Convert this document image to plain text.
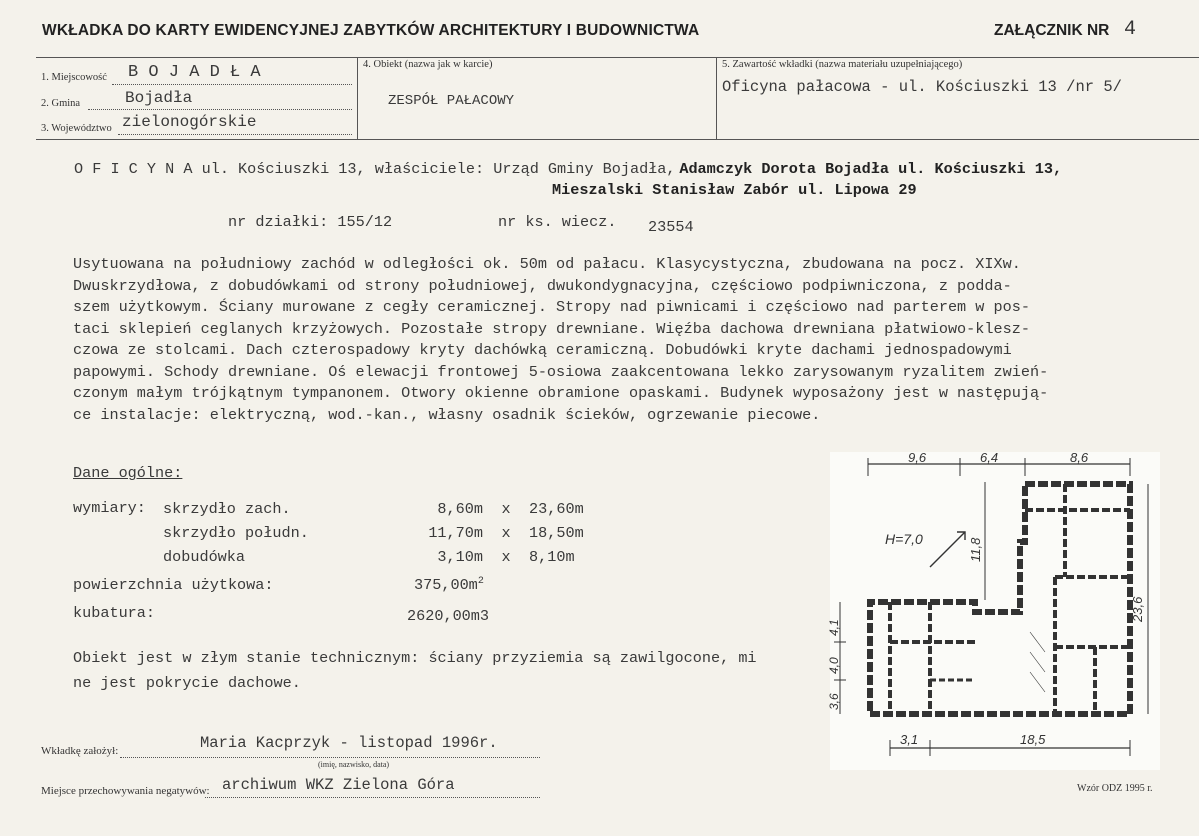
WKŁADKA DO KARTY EWIDENCYJNEJ ZABYTKÓW ARCHITEKTURY I BUDOWNICTWA	ZAŁĄCZNIK NR 4
1. Miejscowość B O J A D Ł A
2. Gmina	Bojadła
3. Województwo zielonogórskie
4. Obiekt (nazwa jak w karcie)
ZESPÓŁ PAŁACOWY
5. Zawartość wkładki (nazwa materiału uzupełniającego)
Oficyna pałacowa - ul. Kościuszki 13 /nr 5/
O F I C Y N A ul. Kościuszki 13, właściciele: Urząd Gminy Bojadła, Adamczyk Dorota Bojadła ul. Kościuszki 13,
Mieszalski Stanisław Zabór ul. Lipowa 29
nr działki: 155/12	nr ks. wiecz. 23554
Usytuowana na południowy zachód w odległości ok. 50m od pałacu. Klasycystyczna, zbudowana na pocz. XIXw.
Dwuskrzydłowa, z dobudówkami od strony południowej, dwukondygnacyjna, częściowo podpiwniczona, z podda-
szem użytkowym. Ściany murowane z cegły ceramicznej. Stropy nad piwnicami i częściowo nad parterem w pos-
taci sklepień ceglanych krzyżowych. Pozostałe stropy drewniane. Więźba dachowa drewniana płatwiowo-klesz-
czowa ze stolcami. Dach czterospadowy kryty dachówką ceramiczną. Dobudówki kryte dachami jednospadowymi
papowymi. Schody drewniane. Oś elewacji frontowej 5-osiowa zaakcentowana lekko zarysowanym ryzalitem zwień-
czonym małym trójkątnym tympanonem. Otwory okienne obramione opaskami. Budynek wyposażony jest w następują-
ce instalacje: elektryczną, wod.-kan., własny osadnik ścieków, ogrzewanie piecowe.
Dane ogólne:
wymiary: skrzydło zach.	8,60m	x	23,60m
skrzydło połudn.	11,70m	x	18,50m
dobudówka	3,10m	x	8,10m
powierzchnia użytkowa:	$375,00m^2$
kubatura:	2620,00m3
Obiekt jest w złym stanie technicznym: ściany przyziemia są zawilgocone, mi
ne jest pokrycie dachowe.
9,6	6,4	8,6
3,1	18,5
H=7,0
23,6
11,8
4,1
4,0
3,6
Wkładkę założył:	Maria Kacprzyk - listopad 1996r.
(imię, nazwisko, data)
Miejsce przechowywania negatywów: archiwum WKZ Zielona Góra	Wzór ODZ 1995 r.
